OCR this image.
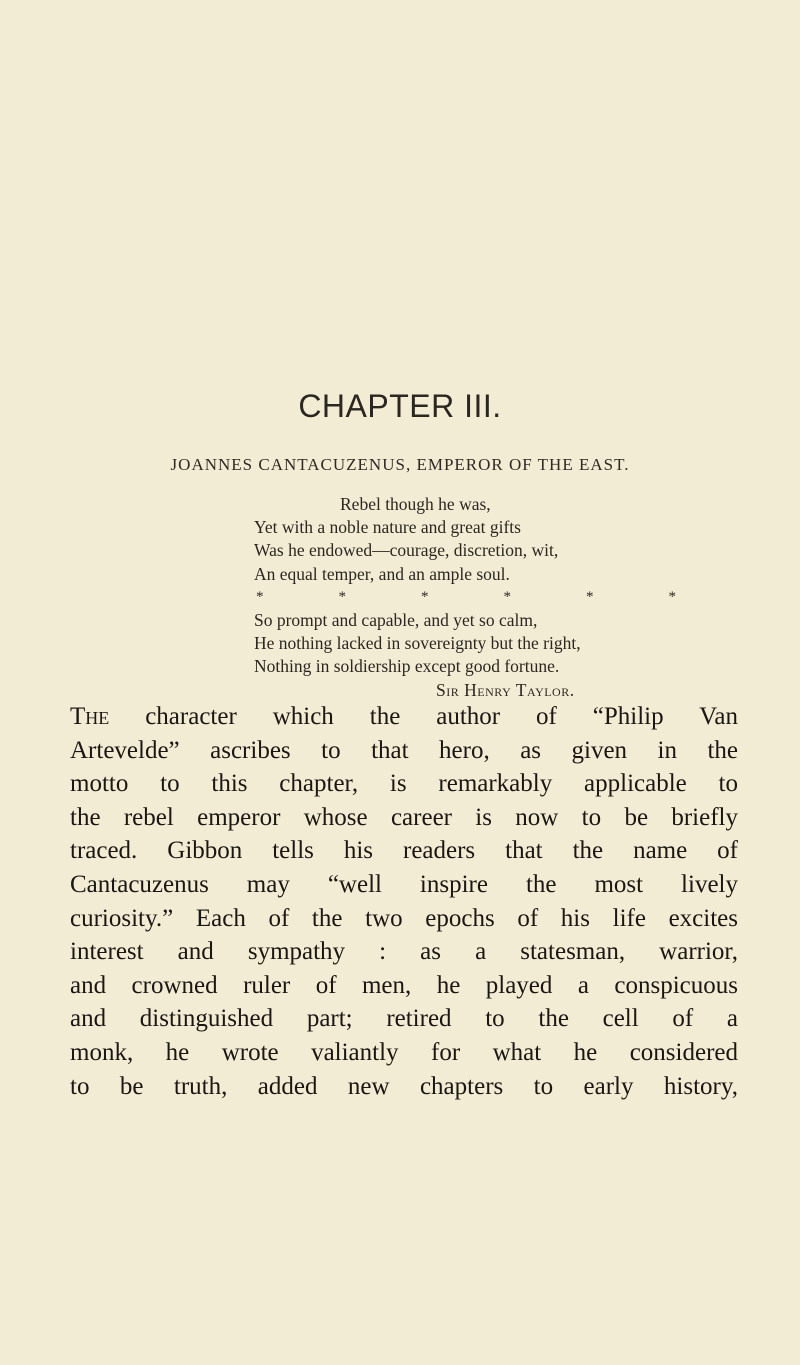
CHAPTER III.
JOANNES CANTACUZENUS, EMPEROR OF THE EAST.
Rebel though he was,
Yet with a noble nature and great gifts
Was he endowed—courage, discretion, wit,
An equal temper, and an ample soul.
*	*	*	*	*	*
So prompt and capable, and yet so calm,
He nothing lacked in sovereignty but the right,
Nothing in soldiership except good fortune.
Sir Henry Taylor.
The character which the author of “Philip Van
Artevelde” ascribes to that hero, as given in the
motto to this chapter, is remarkably applicable to
the rebel emperor whose career is now to be briefly
traced. Gibbon tells his readers that the name of
Cantacuzenus may “well inspire the most lively
curiosity.” Each of the two epochs of his life excites
interest and sympathy : as a statesman, warrior,
and crowned ruler of men, he played a conspicuous
and distinguished part; retired to the cell of a
monk, he wrote valiantly for what he considered
to be truth, added new chapters to early history,
